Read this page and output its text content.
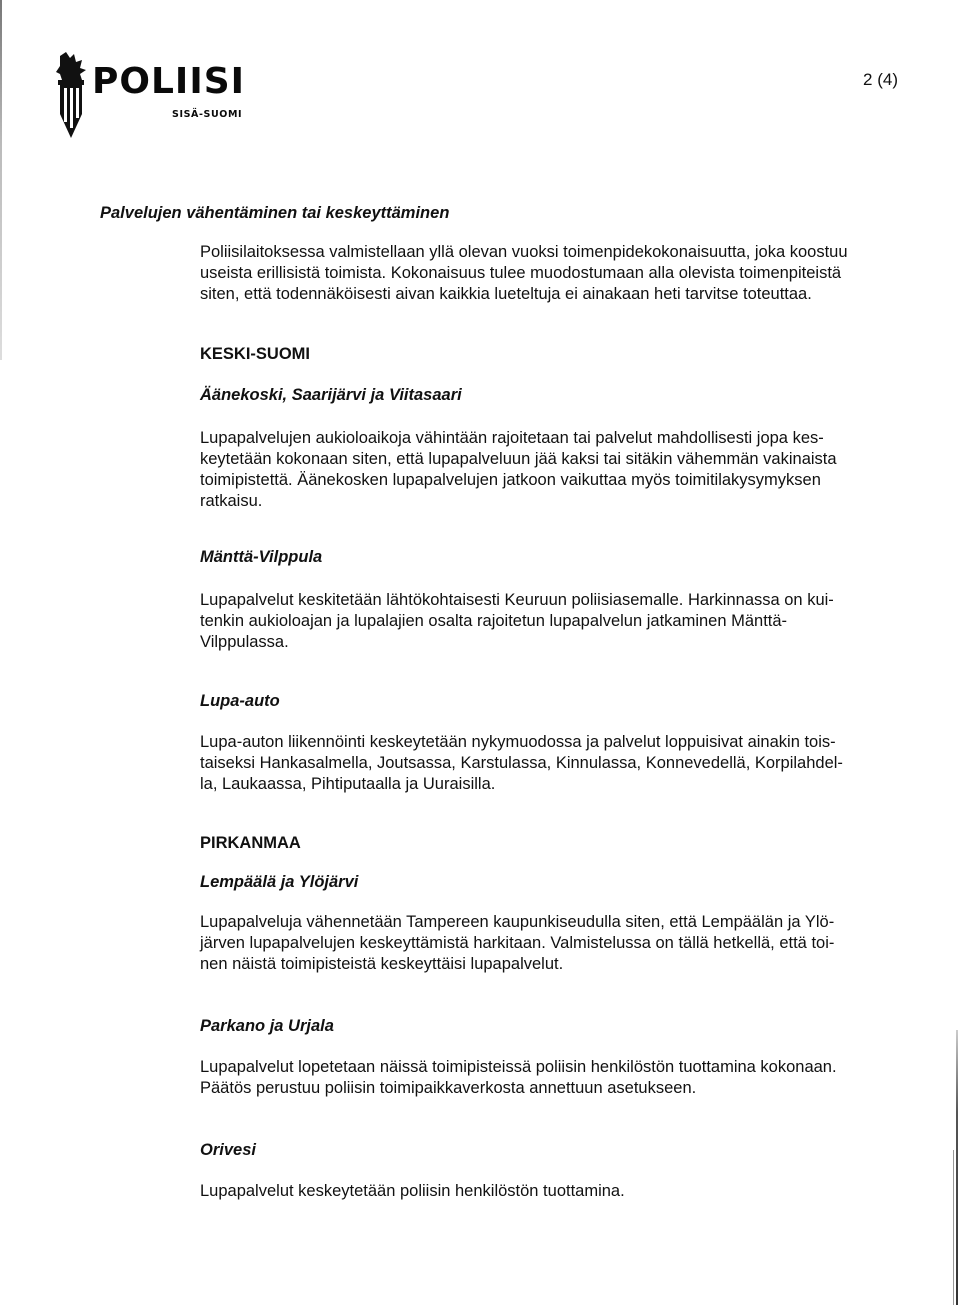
POLIISI
SISÄ-SUOMI
2 (4)
Palvelujen vähentäminen tai keskeyttäminen

Poliisilaitoksessa valmistellaan yllä olevan vuoksi toimenpidekokonaisuutta, joka koostuu

useista erillisistä toimista. Kokonaisuus tulee muodostumaan alla olevista toimenpiteistä

siten, että todennäköisesti aivan kaikkia lueteltuja ei ainakaan heti tarvitse toteuttaa.

KESKI-SUOMI
Äänekoski, Saarijärvi ja Viitasaari

Lupapalvelujen aukioloaikoja vähintään rajoitetaan tai palvelut mahdollisesti jopa kes-

keytetään kokonaan siten, että lupapalveluun jää kaksi tai sitäkin vähemmän vakinaista

toimipistettä. Äänekosken lupapalvelujen jatkoon vaikuttaa myös toimitilakysymyksen

ratkaisu.

Mänttä-Vilppula

Lupapalvelut keskitetään lähtökohtaisesti Keuruun poliisiasemalle. Harkinnassa on kui-

tenkin aukioloajan ja lupalajien osalta rajoitetun lupapalvelun jatkaminen Mänttä-

Vilppulassa.

Lupa-auto

Lupa-auton liikennöinti keskeytetään nykymuodossa ja palvelut loppuisivat ainakin tois-

taiseksi Hankasalmella, Joutsassa, Karstulassa, Kinnulassa, Konnevedellä, Korpilahdel-

la, Laukaassa, Pihtiputaalla ja Uuraisilla.

PIRKANMAA
Lempäälä ja Ylöjärvi

Lupapalveluja vähennetään Tampereen kaupunkiseudulla siten, että Lempäälän ja Ylö-

järven lupapalvelujen keskeyttämistä harkitaan. Valmistelussa on tällä hetkellä, että toi-

nen näistä toimipisteistä keskeyttäisi lupapalvelut.

Parkano ja Urjala

Lupapalvelut lopetetaan näissä toimipisteissä poliisin henkilöstön tuottamina kokonaan.

Päätös perustuu poliisin toimipaikkaverkosta annettuun asetukseen.

Orivesi

Lupapalvelut keskeytetään poliisin henkilöstön tuottamina.
